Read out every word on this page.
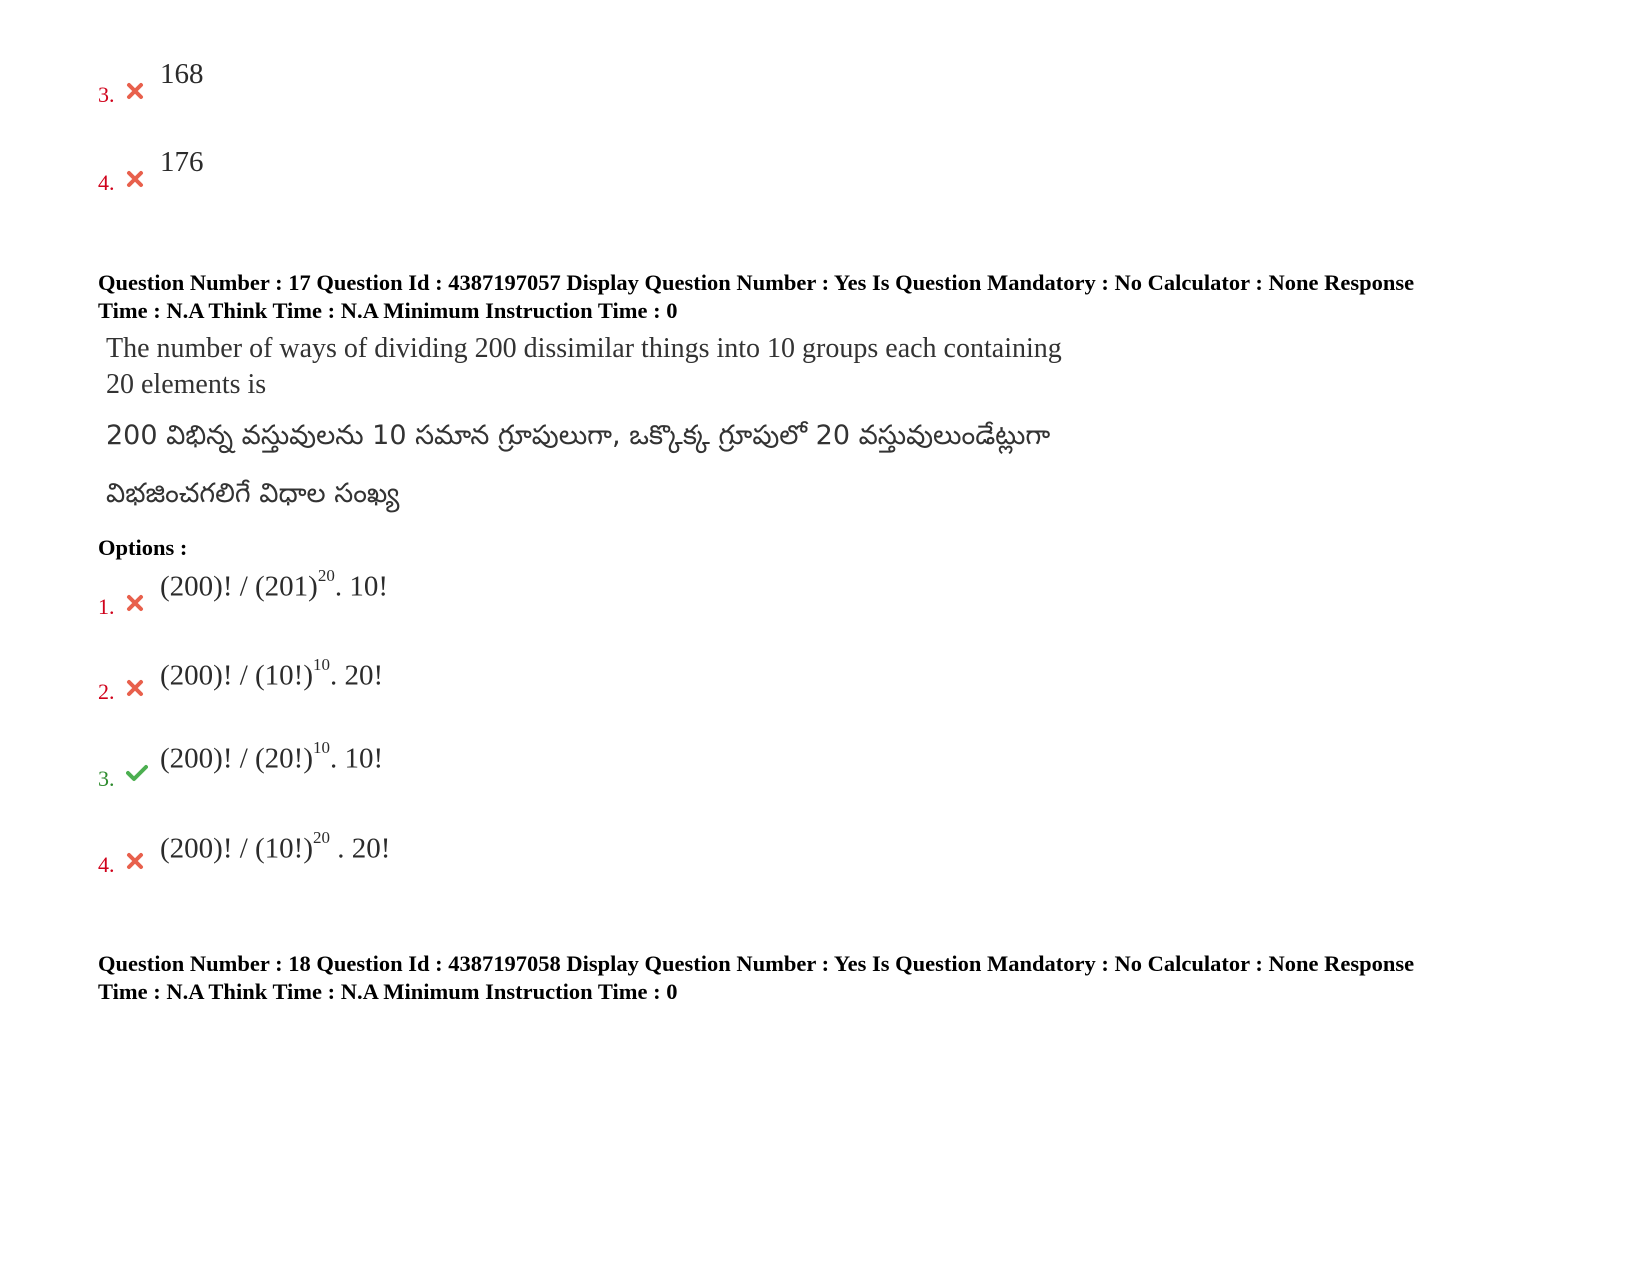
3.
168
4.
176
Question Number : 17 Question Id : 4387197057 Display Question Number : Yes Is Question Mandatory : No Calculator : None Response
Time : N.A Think Time : N.A Minimum Instruction Time : 0
The number of ways of dividing 200 dissimilar things into 10 groups each containing
20 elements is
200 విభిన్న వస్తువులను 10 సమాన గ్రూపులుగా, ఒక్కొక్క గ్రూపులో 20 వస్తువులుండేట్లుగా
విభజించగలిగే విధాల సంఖ్య
Options :
1.
(200)! / $(201)^{20}$. 10!
2. (200)! / $(10!)^{10}$. 20!
3.
(200)! / $(20!)^{10}$. 10!
4. (200)! / $(10!)^{20}$ . 20!
Question Number : 18 Question Id : 4387197058 Display Question Number : Yes Is Question Mandatory : No Calculator : None Response
Time : N.A Think Time : N.A Minimum Instruction Time : 0
